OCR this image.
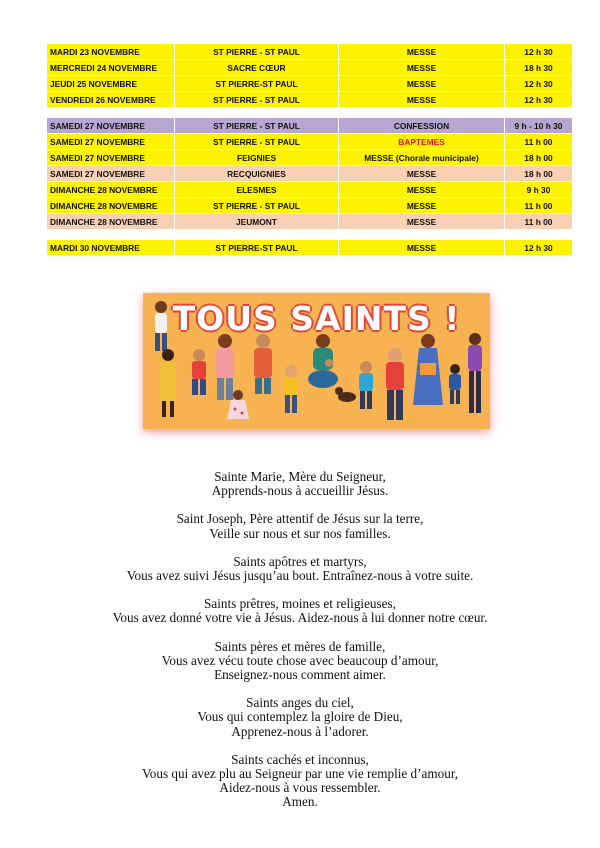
MARDI 23 NOVEMBRE	ST PIERRE - ST PAUL	MESSE	12 h 30
MERCREDI 24 NOVEMBRE	SACRE CŒUR	MESSE	18 h 30
JEUDI 25 NOVEMBRE	ST PIERRE-ST PAUL	MESSE	12 h 30
VENDREDI 26 NOVEMBRE	ST PIERRE - ST PAUL	MESSE	12 h 30
SAMEDI 27 NOVEMBRE	ST PIERRE - ST PAUL	CONFESSION	9 h - 10 h 30
SAMEDI 27 NOVEMBRE	ST PIERRE - ST PAUL	BAPTEMES	11 h 00
SAMEDI 27 NOVEMBRE	FEIGNIES	MESSE (Chorale municipale)	18 h 00
SAMEDI 27 NOVEMBRE	RECQUIGNIES	MESSE	18 h 00
DIMANCHE 28 NOVEMBRE	ELESMES	MESSE	9 h 30
DIMANCHE 28 NOVEMBRE	ST PIERRE - ST PAUL	MESSE	11 h 00
DIMANCHE 28 NOVEMBRE	JEUMONT	MESSE	11 h 00
MARDI 30 NOVEMBRE	ST PIERRE-ST PAUL	MESSE	12 h 30
TOUS SAINTS !
Sainte Marie, Mère du Seigneur,
Apprends-nous à accueillir Jésus.
Saint Joseph, Père attentif de Jésus sur la terre,
Veille sur nous et sur nos familles.
Saints apôtres et martyrs,
Vous avez suivi Jésus jusqu’au bout. Entraînez-nous à votre suite.
Saints prêtres, moines et religieuses,
Vous avez donné votre vie à Jésus. Aidez-nous à lui donner notre cœur.
Saints pères et mères de famille,
Vous avez vécu toute chose avec beaucoup d’amour,
Enseignez-nous comment aimer.
Saints anges du ciel,
Vous qui contemplez la gloire de Dieu,
Apprenez-nous à l’adorer.
Saints cachés et inconnus,
Vous qui avez plu au Seigneur par une vie remplie d’amour,
Aidez-nous à vous ressembler.
Amen.
